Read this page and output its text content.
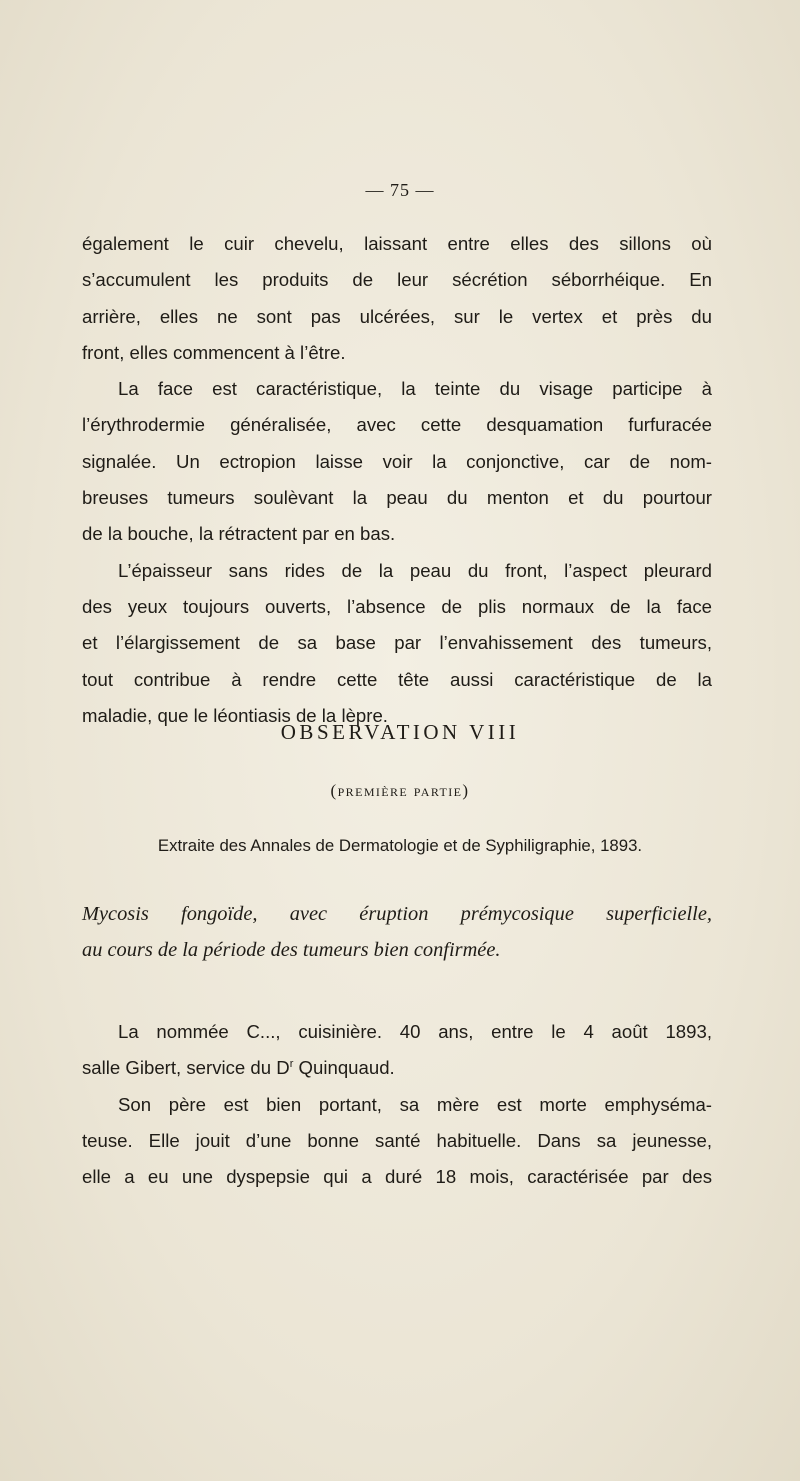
— 75 —
également le cuir chevelu, laissant entre elles des sillons où
s’accumulent les produits de leur sécrétion séborrhéique. En
arrière, elles ne sont pas ulcérées, sur le vertex et près du
front, elles commencent à l’être.
La face est caractéristique, la teinte du visage participe à
l’érythrodermie généralisée, avec cette desquamation furfuracée
signalée. Un ectropion laisse voir la conjonctive, car de nom-
breuses tumeurs soulèvant la peau du menton et du pourtour
de la bouche, la rétractent par en bas.
L’épaisseur sans rides de la peau du front, l’aspect pleurard
des yeux toujours ouverts, l’absence de plis normaux de la face
et l’élargissement de sa base par l’envahissement des tumeurs,
tout contribue à rendre cette tête aussi caractéristique de la
maladie, que le léontiasis de la lèpre.
OBSERVATION VIII
(première partie)
Extraite des Annales de Dermatologie et de Syphiligraphie, 1893.
Mycosis fongoïde, avec éruption prémycosique superficielle,
au cours de la période des tumeurs bien confirmée.
La nommée C..., cuisinière. 40 ans, entre le 4 août 1893,
salle Gibert, service du $D^r$ Quinquaud.
Son père est bien portant, sa mère est morte emphyséma-
teuse. Elle jouit d’une bonne santé habituelle. Dans sa jeunesse,
elle a eu une dyspepsie qui a duré 18 mois, caractérisée par des
